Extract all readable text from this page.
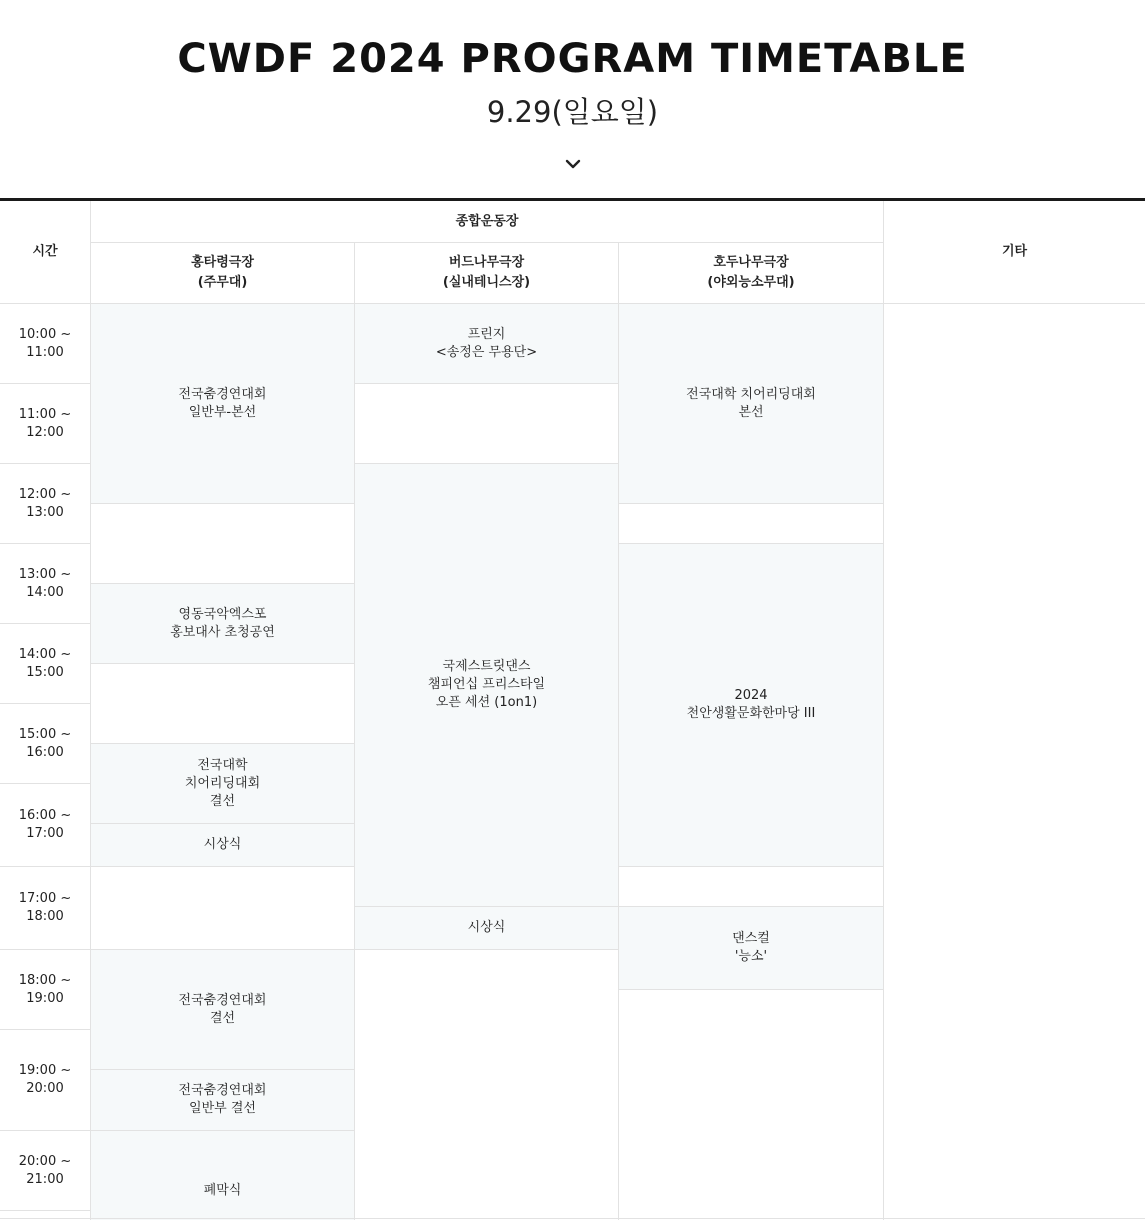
CWDF 2024 PROGRAM TIMETABLE
9.29(일요일)
전국춤경연대회
일반부-본선
영동국악엑스포
홍보대사 초청공연
전국대학
치어리딩대회
결선
시상식
전국춤경연대회
결선
전국춤경연대회
일반부 결선
폐막식
프린지
<송정은 무용단>
국제스트릿댄스
챔피언십 프리스타일
오픈 세션 (1on1)
시상식
전국대학 치어리딩대회
본선
2024
천안생활문화한마당 III
댄스컬
'능소'
시간
종합운동장
홍타령극장
(주무대)
버드나무극장
(실내테니스장)
호두나무극장
(야외능소무대)
기타
10:00 ~
11:00
11:00 ~
12:00
12:00 ~
13:00
13:00 ~
14:00
14:00 ~
15:00
15:00 ~
16:00
16:00 ~
17:00
17:00 ~
18:00
18:00 ~
19:00
19:00 ~
20:00
20:00 ~
21:00
